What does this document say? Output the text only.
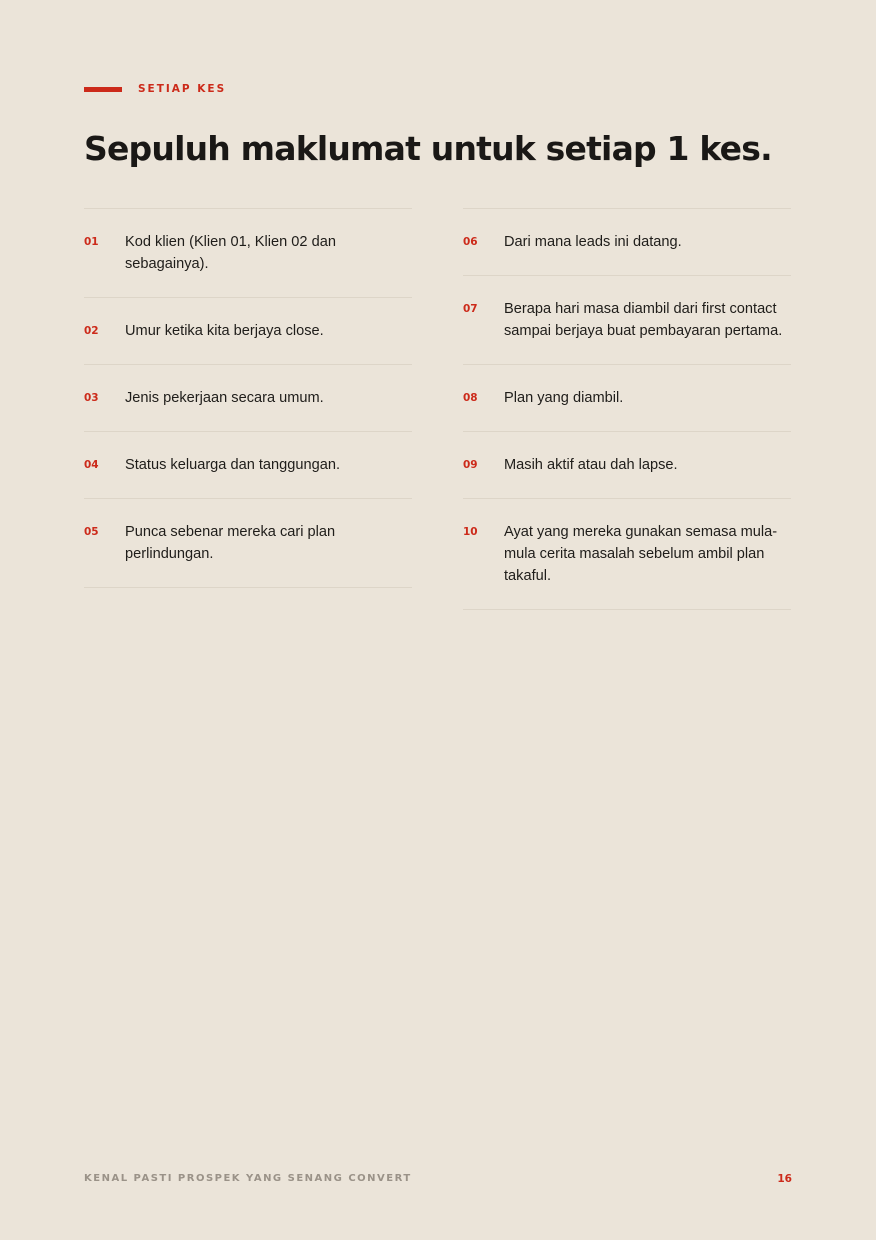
SETIAP KES
Sepuluh maklumat untuk setiap 1 kes.
01	Kod klien (Klien 01, Klien 02 dan sebagainya).
02	Umur ketika kita berjaya close.
03	Jenis pekerjaan secara umum.
04	Status keluarga dan tanggungan.
05	Punca sebenar mereka cari plan perlindungan.
06	Dari mana leads ini datang.
07	Berapa hari masa diambil dari first contact sampai berjaya buat pembayaran pertama.
08	Plan yang diambil.
09	Masih aktif atau dah lapse.
10	Ayat yang mereka gunakan semasa mula-mula cerita masalah sebelum ambil plan takaful.
KENAL PASTI PROSPEK YANG SENANG CONVERT	16
